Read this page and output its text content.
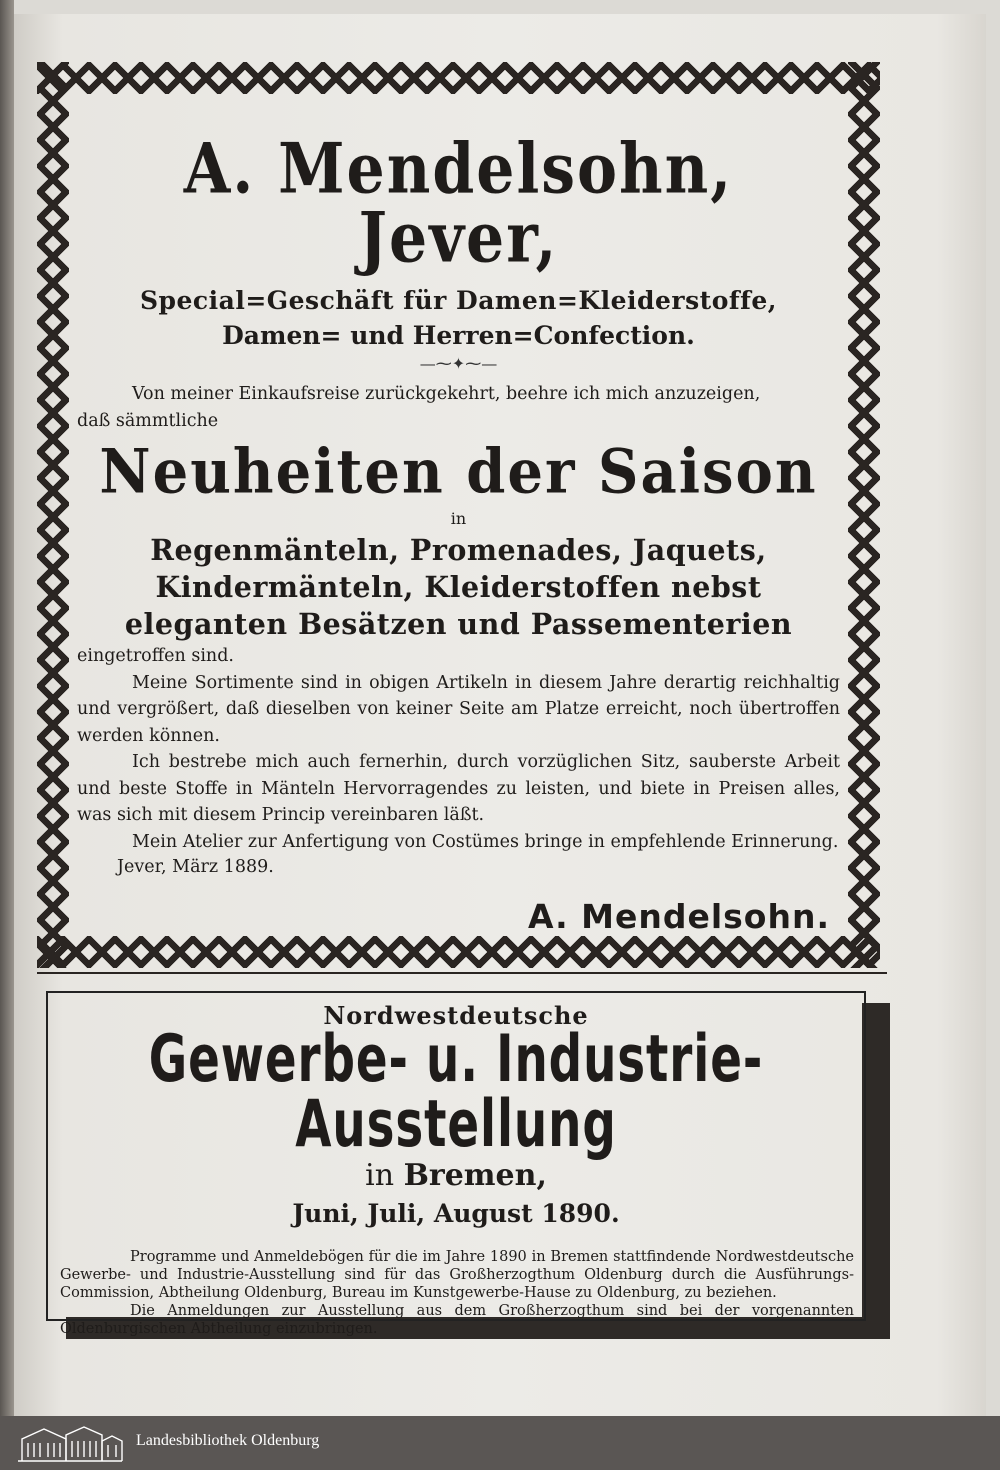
A. Mendelsohn, Jever,
Special=Geschäft für Damen=Kleiderstoffe,
Damen= und Herren=Confection.
—⁓✦⁓—
Von meiner Einkaufsreise zurückgekehrt, beehre ich mich anzuzeigen,
daß sämmtliche
Neuheiten der Saison
in
Regenmänteln, Promenades, Jaquets,
Kindermänteln, Kleiderstoffen nebst
eleganten Besätzen und Passementerien

eingetroffen sind.

Meine Sortimente sind in obigen Artikeln in diesem Jahre derartig reichhaltig und vergrößert, daß dieselben von keiner Seite am Platze erreicht, noch übertroffen werden können.

Ich bestrebe mich auch fernerhin, durch vorzüglichen Sitz, sauberste Arbeit und beste Stoffe in Mänteln Hervorragendes zu leisten, und biete in Preisen alles, was sich mit diesem Princip vereinbaren läßt.

Mein Atelier zur Anfertigung von Costümes bringe in empfehlende Erinnerung.

Jever, März 1889.
A. Mendelsohn.
Nordwestdeutsche
Gewerbe- u. Industrie-Ausstellung
in Bremen,
Juni, Juli, August 1890.

Programme und Anmeldebögen für die im Jahre 1890 in Bremen stattfindende Nordwestdeutsche Gewerbe- und Industrie-Ausstellung sind für das Großherzogthum Oldenburg durch die Ausführungs-Commission, Abtheilung Oldenburg, Bureau im Kunstgewerbe-Hause zu Oldenburg, zu beziehen.

Die Anmeldungen zur Ausstellung aus dem Großherzogthum sind bei der vorgenannten Oldenburgischen Abtheilung einzubringen.

Landesbibliothek Oldenburg
